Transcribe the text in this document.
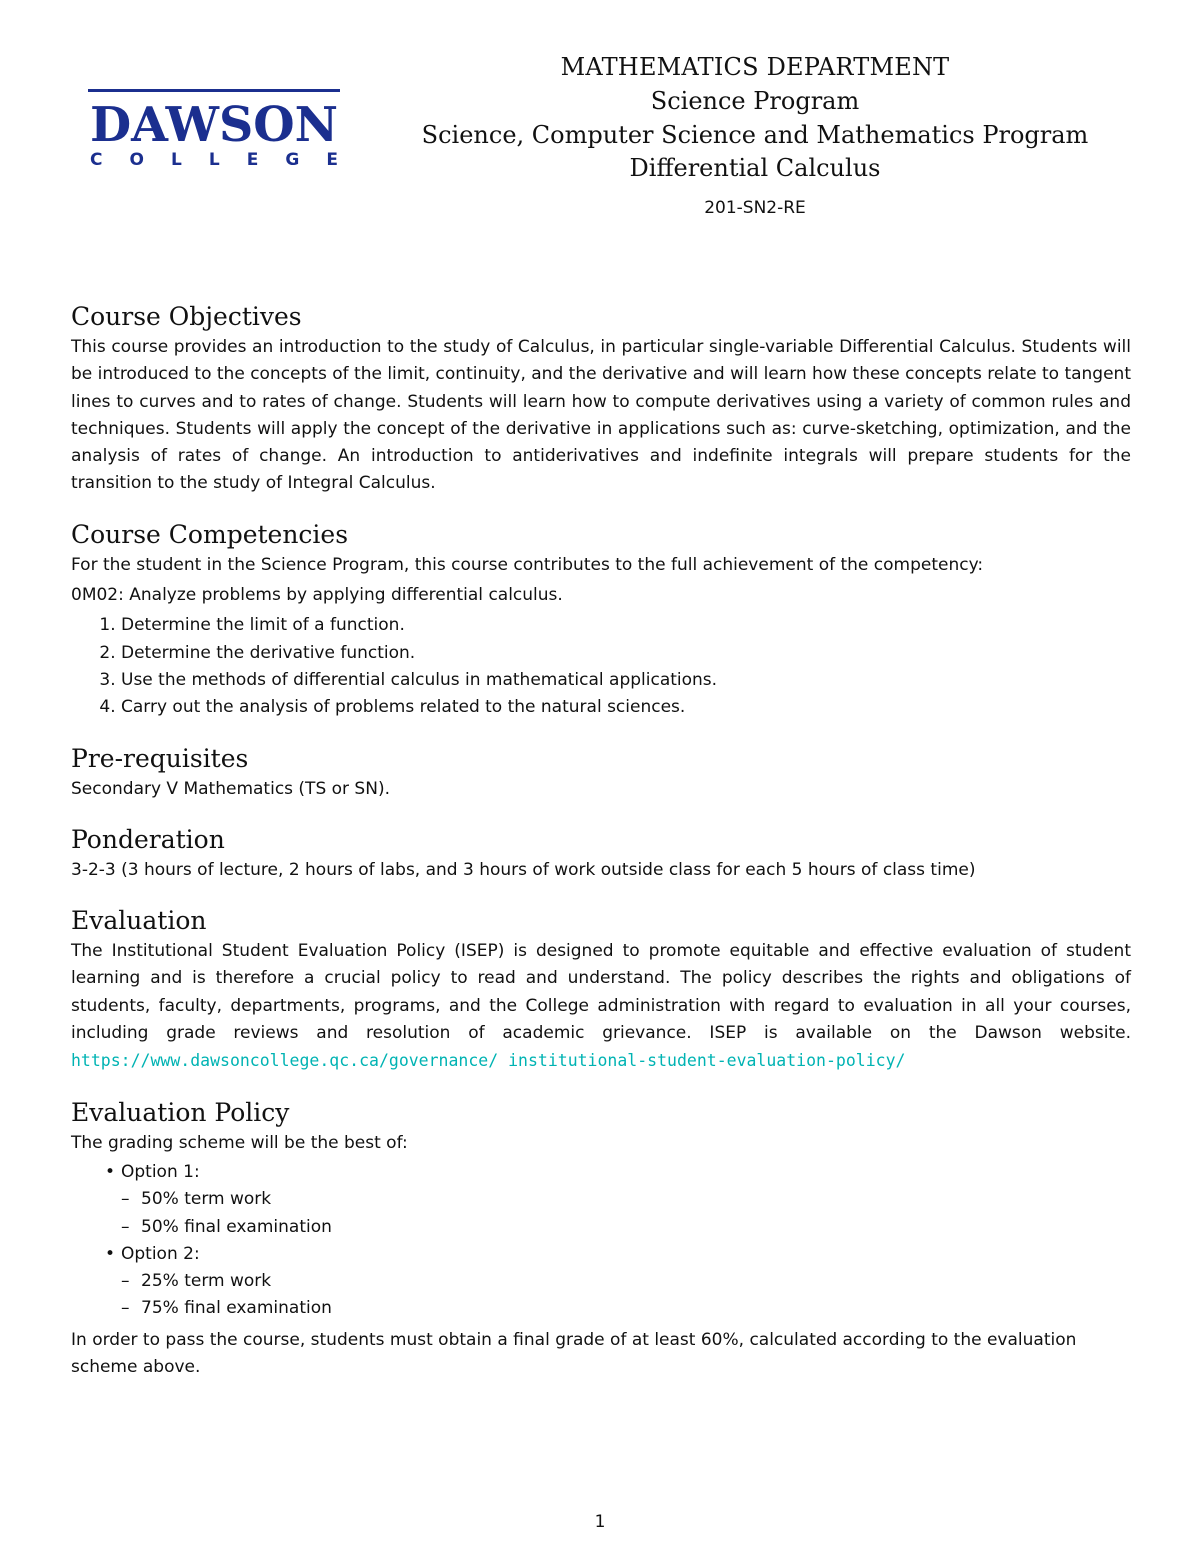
DAWSON
C O L L E G E
MATHEMATICS DEPARTMENT
Science Program
Science, Computer Science and Mathematics Program
Differential Calculus
201-SN2-RE
Course Objectives

This course provides an introduction to the study of Calculus, in particular single-variable Differential Calculus. Students will be introduced to the concepts of the limit, continuity, and the derivative and will learn how these concepts relate to tangent lines to curves and to rates of change. Students will learn how to compute derivatives using a variety of common rules and techniques. Students will apply the concept of the derivative in applications such as: curve-sketching, optimization, and the analysis of rates of change. An introduction to antiderivatives and indefinite integrals will prepare students for the transition to the study of Integral Calculus.

Course Competencies

For the student in the Science Program, this course contributes to the full achievement of the competency:

0M02: Analyze problems by applying differential calculus.

1. Determine the limit of a function.
2. Determine the derivative function.
3. Use the methods of differential calculus in mathematical applications.
4. Carry out the analysis of problems related to the natural sciences.
Pre-requisites

Secondary V Mathematics (TS or SN).

Ponderation

3-2-3 (3 hours of lecture, 2 hours of labs, and 3 hours of work outside class for each 5 hours of class time)

Evaluation

The Institutional Student Evaluation Policy (ISEP) is designed to promote equitable and effective evaluation of student learning and is therefore a crucial policy to read and understand. The policy describes the rights and obligations of students, faculty, departments, programs, and the College administration with regard to evaluation in all your courses, including grade reviews and resolution of academic grievance. ISEP is available on the Dawson website. https://www.dawsoncollege.qc.ca/governance/ institutional-student-evaluation-policy/

Evaluation Policy

The grading scheme will be the best of:

• Option 1:
– 50% term work
– 50% final examination
• Option 2:
– 25% term work
– 75% final examination

In order to pass the course, students must obtain a final grade of at least 60%, calculated according to the evaluation scheme above.

1
